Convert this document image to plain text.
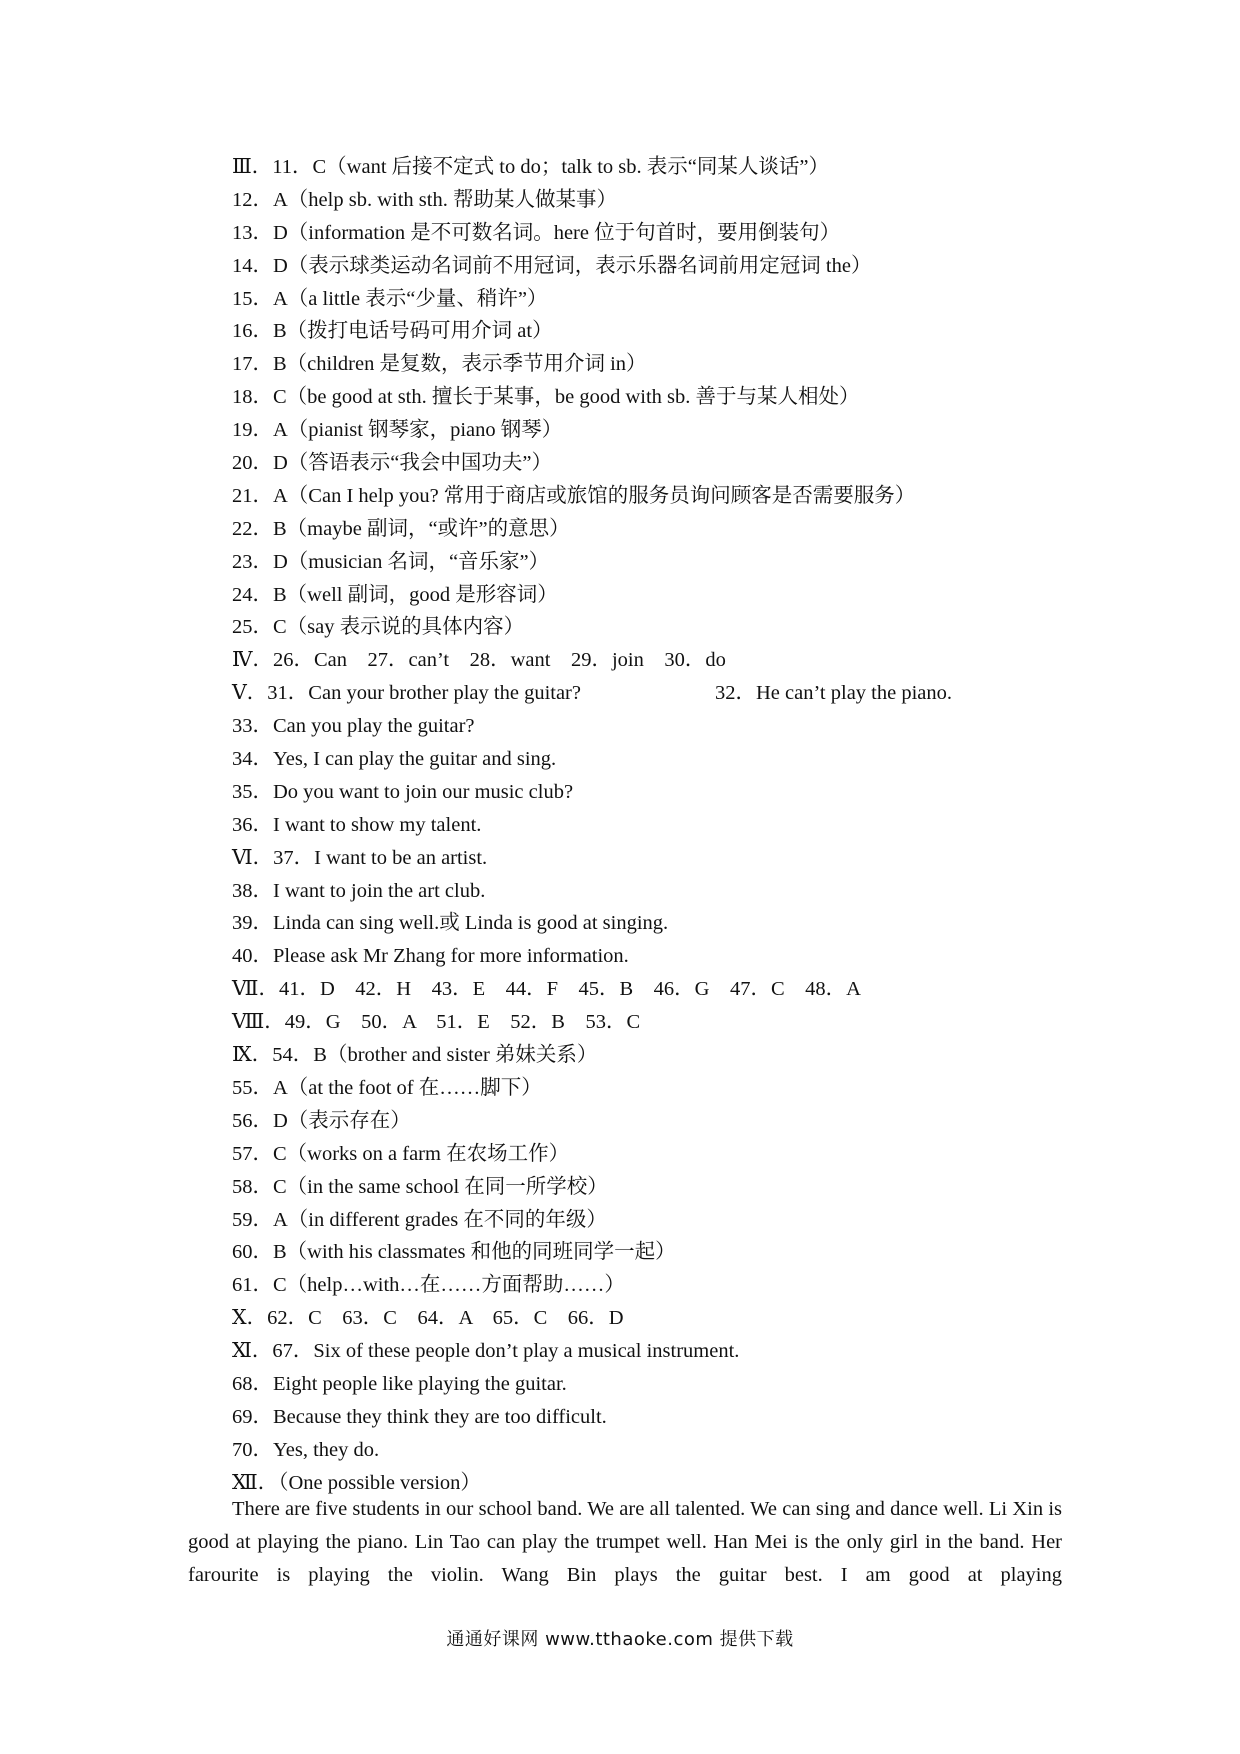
Ⅲ．11．C（want 后接不定式 to do；talk to sb. 表示“同某人谈话”）
12．A（help sb. with sth. 帮助某人做某事）
13．D（information 是不可数名词。here 位于句首时，要用倒装句）
14．D（表示球类运动名词前不用冠词，表示乐器名词前用定冠词 the）
15．A（a little 表示“少量、稍许”）
16．B（拨打电话号码可用介词 at）
17．B（children 是复数，表示季节用介词 in）
18．C（be good at sth. 擅长于某事，be good with sb. 善于与某人相处）
19．A（pianist 钢琴家，piano 钢琴）
20．D（答语表示“我会中国功夫”）
21．A（Can I help you? 常用于商店或旅馆的服务员询问顾客是否需要服务）
22．B（maybe 副词，“或许”的意思）
23．D（musician 名词，“音乐家”）
24．B（well 副词，good 是形容词）
25．C（say 表示说的具体内容）
Ⅳ．26．Can　27．can’t　28．want　29．join　30．do
Ⅴ．31．Can your brother play the guitar?	32．He can’t play the piano.
33．Can you play the guitar?
34．Yes, I can play the guitar and sing.
35．Do you want to join our music club?
36．I want to show my talent.
Ⅵ．37．I want to be an artist.
38．I want to join the art club.
39．Linda can sing well.或 Linda is good at singing.
40．Please ask Mr Zhang for more information.
Ⅶ．41．D　42．H　43．E　44．F　45．B　46．G　47．C　48．A
Ⅷ．49．G　50．A　51．E　52．B　53．C
Ⅸ．54．B（brother and sister 弟妹关系）
55．A（at the foot of 在……脚下）
56．D（表示存在）
57．C（works on a farm 在农场工作）
58．C（in the same school 在同一所学校）
59．A（in different grades 在不同的年级）
60．B（with his classmates 和他的同班同学一起）
61．C（help…with…在……方面帮助……）
Ⅹ．62．C　63．C　64．A　65．C　66．D
Ⅺ．67．Six of these people don’t play a musical instrument.
68．Eight people like playing the guitar.
69．Because they think they are too difficult.
70．Yes, they do.
Ⅻ．（One possible version）

There are five students in our school band. We are all talented. We can sing and dance well. Li Xin is good at playing the piano. Lin Tao can play the trumpet well. Han Mei is the only girl in the band. Her farourite is playing the violin. Wang Bin plays the guitar best. I am good at playing

通通好课网 www.tthaoke.com 提供下载
